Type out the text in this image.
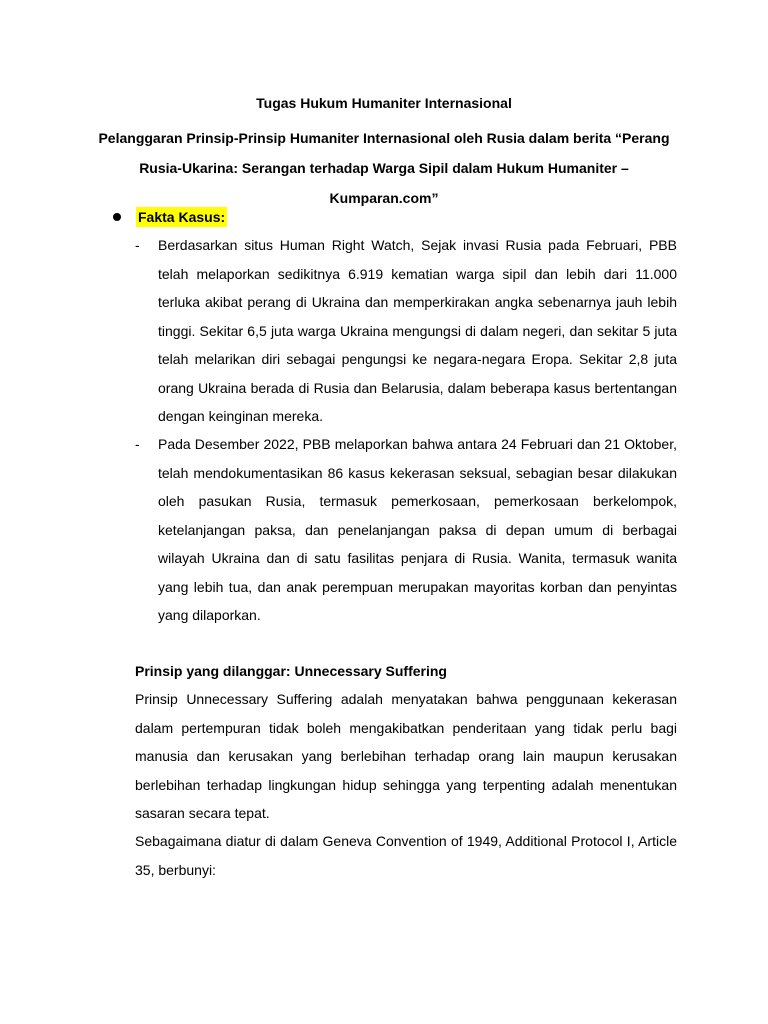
Tugas Hukum Humaniter Internasional
Pelanggaran Prinsip-Prinsip Humaniter Internasional oleh Rusia dalam berita “Perang Rusia-Ukarina: Serangan terhadap Warga Sipil dalam Hukum Humaniter – Kumparan.com”
Fakta Kasus:
-	Berdasarkan situs Human Right Watch, Sejak invasi Rusia pada Februari, PBB telah melaporkan sedikitnya 6.919 kematian warga sipil dan lebih dari 11.000 terluka akibat perang di Ukraina dan memperkirakan angka sebenarnya jauh lebih tinggi. Sekitar 6,5 juta warga Ukraina mengungsi di dalam negeri, dan sekitar 5 juta telah melarikan diri sebagai pengungsi ke negara-negara Eropa. Sekitar 2,8 juta orang Ukraina berada di Rusia dan Belarusia, dalam beberapa kasus bertentangan dengan keinginan mereka.
-	Pada Desember 2022, PBB melaporkan bahwa antara 24 Februari dan 21 Oktober, telah mendokumentasikan 86 kasus kekerasan seksual, sebagian besar dilakukan oleh pasukan Rusia, termasuk pemerkosaan, pemerkosaan berkelompok, ketelanjangan paksa, dan penelanjangan paksa di depan umum di berbagai wilayah Ukraina dan di satu fasilitas penjara di Rusia. Wanita, termasuk wanita yang lebih tua, dan anak perempuan merupakan mayoritas korban dan penyintas yang dilaporkan.
Prinsip yang dilanggar: Unnecessary Suffering
Prinsip Unnecessary Suffering adalah menyatakan bahwa penggunaan kekerasan dalam pertempuran tidak boleh mengakibatkan penderitaan yang tidak perlu bagi manusia dan kerusakan yang berlebihan terhadap orang lain maupun kerusakan berlebihan terhadap lingkungan hidup sehingga yang terpenting adalah menentukan sasaran secara tepat.
Sebagaimana diatur di dalam Geneva Convention of 1949, Additional Protocol I, Article 35, berbunyi:
